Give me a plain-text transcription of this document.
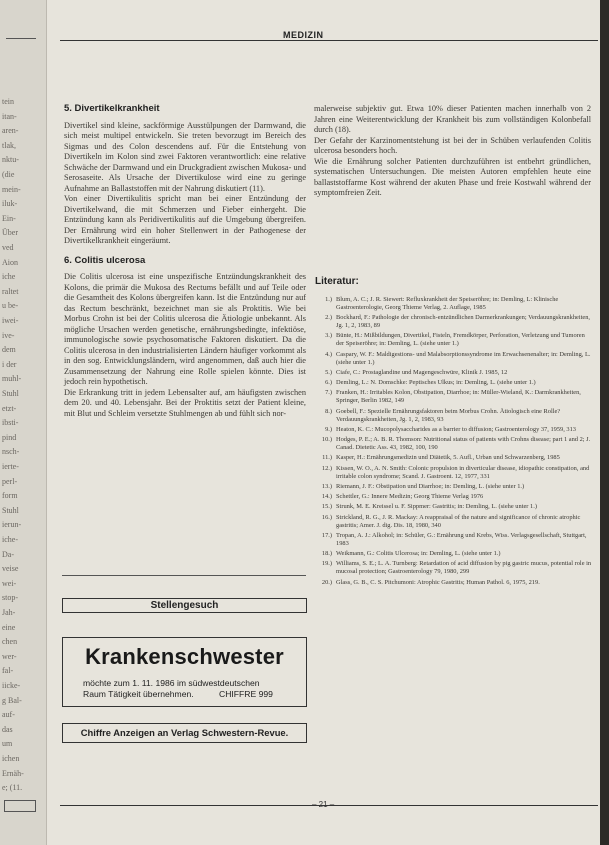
tein
itan-
aren-
tlak,
nktu-
(die
mein-
iluk-
Ein-
Über
ved
Aion
iche
raltet
u be-
iwei-
ive-
dem
i der
muhl-
Stuhl
etzt-
ibsti-
pind
nsch-
ierte-
perl-
form
Stuhl
ierun-
iche-
Da-
veise
wei-
stop-
Jah-
eine
chen
wer-
fal-
iicke-
g Bal-
auf-
das
um
ichen
Ernäh-
e; (11.
MEDIZIN
5. Divertikelkrankheit

Divertikel sind kleine, sackförmige Ausstülpungen der Darmwand, die sich meist multipel entwickeln. Sie treten bevorzugt im Bereich des Sigmas und des Colon descendens auf. Für die Entstehung von Divertikeln im Kolon sind zwei Faktoren verantwortlich: eine relative Schwäche der Darmwand und ein Druckgradient zwischen Mukosa- und Serosaseite. Als Ursache der Divertikulose wird eine zu geringe Aufnahme an Ballaststoffen mit der Nahrung diskutiert (11).

Von einer Divertikulitis spricht man bei einer Entzündung der Divertikelwand, die mit Schmerzen und Fieber einhergeht. Die Entzündung kann als Peridivertikulitis auf die Umgebung übergreifen. Der Ernährung wird ein hoher Stellenwert in der Pathogenese der Divertikelkrankheit eingeräumt.

6. Colitis ulcerosa

Die Colitis ulcerosa ist eine unspezifische Entzündungskrankheit des Kolons, die primär die Mukosa des Rectums befällt und auf Teile oder die Gesamtheit des Kolons übergreifen kann. Ist die Entzündung nur auf das Rectum beschränkt, bezeichnet man sie als Proktitis. Wie bei Morbus Crohn ist bei der Colitis ulcerosa die Ätiologie unbekannt. Als mögliche Ursachen werden genetische, ernährungsbedingte, infektiöse, immunologische sowie psychosomatische Faktoren diskutiert. Da die Colitis ulcerosa in den industrialisierten Ländern häufiger vorkommt als in den sog. Entwicklungsländern, wird angenommen, daß auch hier die Zusammensetzung der Nahrung eine Rolle spielen könnte. Dies ist jedoch rein hypothetisch.

Die Erkrankung tritt in jedem Lebensalter auf, am häufigsten zwischen dem 20. und 40. Lebensjahr. Bei der Proktitis setzt der Patient kleine, mit Blut und Schleim versetzte Stuhlmengen ab und fühlt sich nor-

malerweise subjektiv gut. Etwa 10% dieser Patienten machen innerhalb von 2 Jahren eine Weiterentwicklung der Krankheit bis zum vollständigen Kolonbefall durch (18).

Der Gefahr der Karzinomentstehung ist bei der in Schüben verlaufenden Colitis ulcerosa besonders hoch.

Wie die Ernährung solcher Patienten durchzuführen ist entbehrt gründlichen, systematischen Untersuchungen. Die meisten Autoren empfehlen heute eine ballaststoffarme Kost während der akuten Phase und freie Kostwahl während der symptomfreien Zeit.

Literatur:
1.) Blum, A. C.; J. R. Siewert: Refluxkrankheit der Speiseröhre; in: Demling, L: Klinische Gastroenterologie, Georg Thieme Verlag, 2. Auflage, 1985
2.) Bockhard, F.: Pathologie der chronisch-entzündlichen Darmerkrankungen; Verdauungskrankheiten, Jg. 1, 2, 1983, 89
3.) Bünte, H.: Mißbildungen, Divertikel, Fisteln, Fremdkörper, Perforation, Verletzung und Tumoren der Speiseröhre; in: Demling, L. (siehe unter 1.)
4.) Caspary, W. F.: Maldigestions- und Malabsorptionssyndrome im Erwachsenenalter; in: Demling, L. (siehe unter 1.)
5.) Ciafe, C.: Prostaglandine und Magengeschwüre, Klinik J. 1985, 12
6.) Demling, L.: N. Domschke: Peptisches Ulkus; in: Demling, L. (siehe unter 1.)
7.) Franken, H.: Irritables Kolon, Obstipation, Diarrhoe; in: Müller-Wieland, K.: Darmkrankheiten, Springer, Berlin 1982, 149
8.) Goebell, F.: Spezielle Ernährungsfaktoren beim Morbus Crohn. Ätiologisch eine Rolle? Verdauungskrankheiten, Jg. 1, 2, 1983, 93
9.) Heaton, K. C.: Mucopolysaccharides as a barrier to diffusion; Gastroenterology 37, 1959, 313
10.) Hodges, P. E.; A. B. R. Thomson: Nutritional status of patients with Crohns disease; part 1 and 2; J. Canad. Dietetic Ass. 43, 1982, 100, 190
11.) Kasper, H.: Ernährungsmedizin und Diätetik, 5. Aufl., Urban und Schwarzenberg, 1985
12.) Kissen, W. O., A. N. Smith: Colonic propulsion in diverticular disease, idiopathic constipation, and irritable colon syndrome; Scand. J. Gastroent. 12, 1977, 331
13.) Riemann, J. F.: Obstipation und Diarrhoe; in: Demling, L. (siehe unter 1.)
14.) Schettler, G.: Innere Medizin; Georg Thieme Verlag 1976
15.) Strunk, M. E. Kreissel u. F. Sippmer: Gastritis; in: Demling, L. (siehe unter 1.)
16.) Strickland, R. G., J. R. Mackay: A reappraisal of the nature and significance of chronic atrophic gastritis; Amer. J. dig. Dis. 18, 1980, 340
17.) Tropan, A. J.: Alkohol; in: Schüler, G.: Ernährung und Krebs, Wiss. Verlagsgesellschaft, Stuttgart, 1983
18.) Weikmann, G.: Colitis Ulcerosa; in: Demling, L. (siehe unter 1.)
19.) Williams, S. E.; L. A. Turnberg: Retardation of acid diffusion by pig gastric mucus, potential role in mucosal protection; Gastroenterology 79, 1980, 299
20.) Glass, G. B., C. S. Pitchumoni: Atrophic Gastritis; Human Pathol. 6, 1975, 219.
Stellengesuch
Krankenschwester
möchte zum 1. 11. 1986 im südwestdeutschen
Raum Tätigkeit übernehmen.	CHIFFRE 999
Chiffre Anzeigen an Verlag Schwestern-Revue.
– 21 –
